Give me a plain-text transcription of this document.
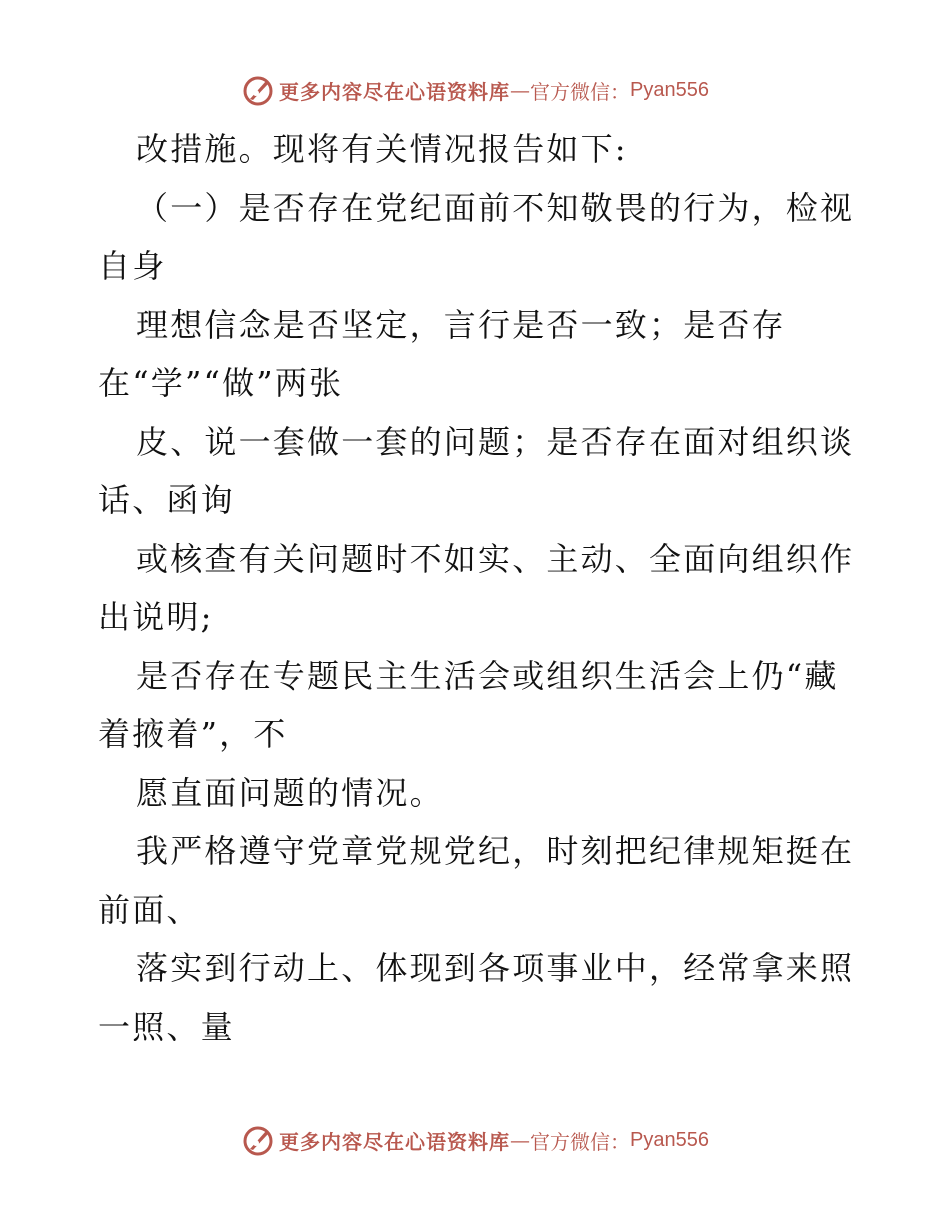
更多内容尽在心语资料库 — 官方微信： Pyan556

改措施。现将有关情况报告如下:

（一）是否存在党纪面前不知敬畏的行为，检视自身

理想信念是否坚定，言行是否一致；是否存在“学”“做”两张

皮、说一套做一套的问题；是否存在面对组织谈话、函询

或核查有关问题时不如实、主动、全面向组织作出说明;

是否存在专题民主生活会或组织生活会上仍“藏着掖着”，不

愿直面问题的情况。

我严格遵守党章党规党纪，时刻把纪律规矩挺在前面、

落实到行动上、体现到各项事业中，经常拿来照一照、量

更多内容尽在心语资料库 — 官方微信： Pyan556
